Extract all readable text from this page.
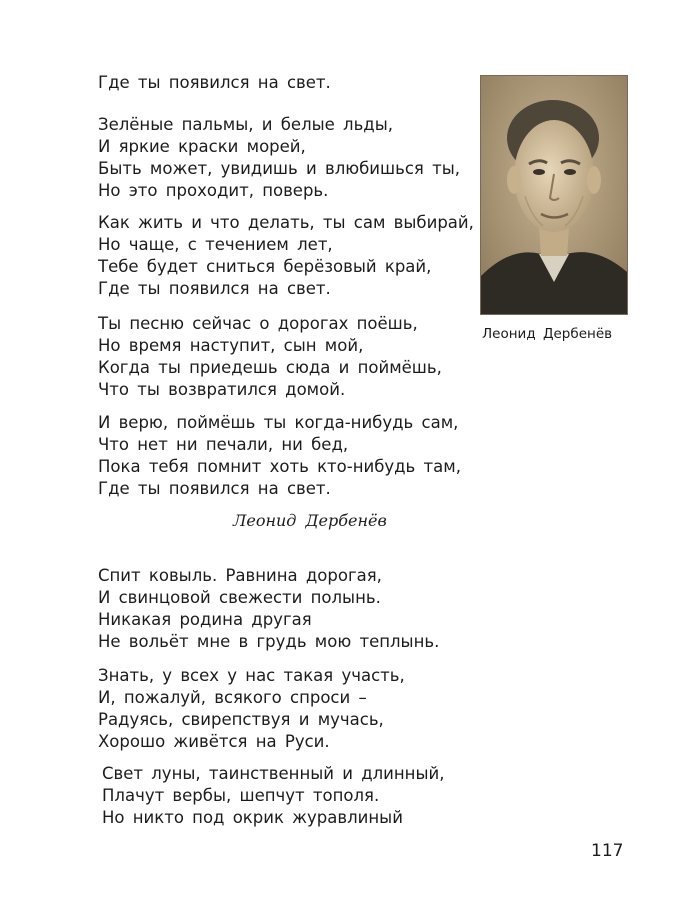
Где ты появился на свет.
Зелёные пальмы, и белые льды,
И яркие краски морей,
Быть может, увидишь и влюбишься ты,
Но это проходит, поверь.
Как жить и что делать, ты сам выбирай,
Но чаще, с течением лет,
Тебе будет сниться берёзовый край,
Где ты появился на свет.
Ты песню сейчас о дорогах поёшь,
Но время наступит, сын мой,
Когда ты приедешь сюда и поймёшь,
Что ты возвратился домой.
И верю, поймёшь ты когда-нибудь сам,
Что нет ни печали, ни бед,
Пока тебя помнит хоть кто-нибудь там,
Где ты появился на свет.
Леонид Дербенёв
Леонид Дербенёв
Спит ковыль. Равнина дорогая,
И свинцовой свежести полынь.
Никакая родина другая
Не вольёт мне в грудь мою теплынь.
Знать, у всех у нас такая участь,
И, пожалуй, всякого спроси –
Радуясь, свирепствуя и мучась,
Хорошо живётся на Руси.
Свет луны, таинственный и длинный,
Плачут вербы, шепчут тополя.
Но никто под окрик журавлиный
117
